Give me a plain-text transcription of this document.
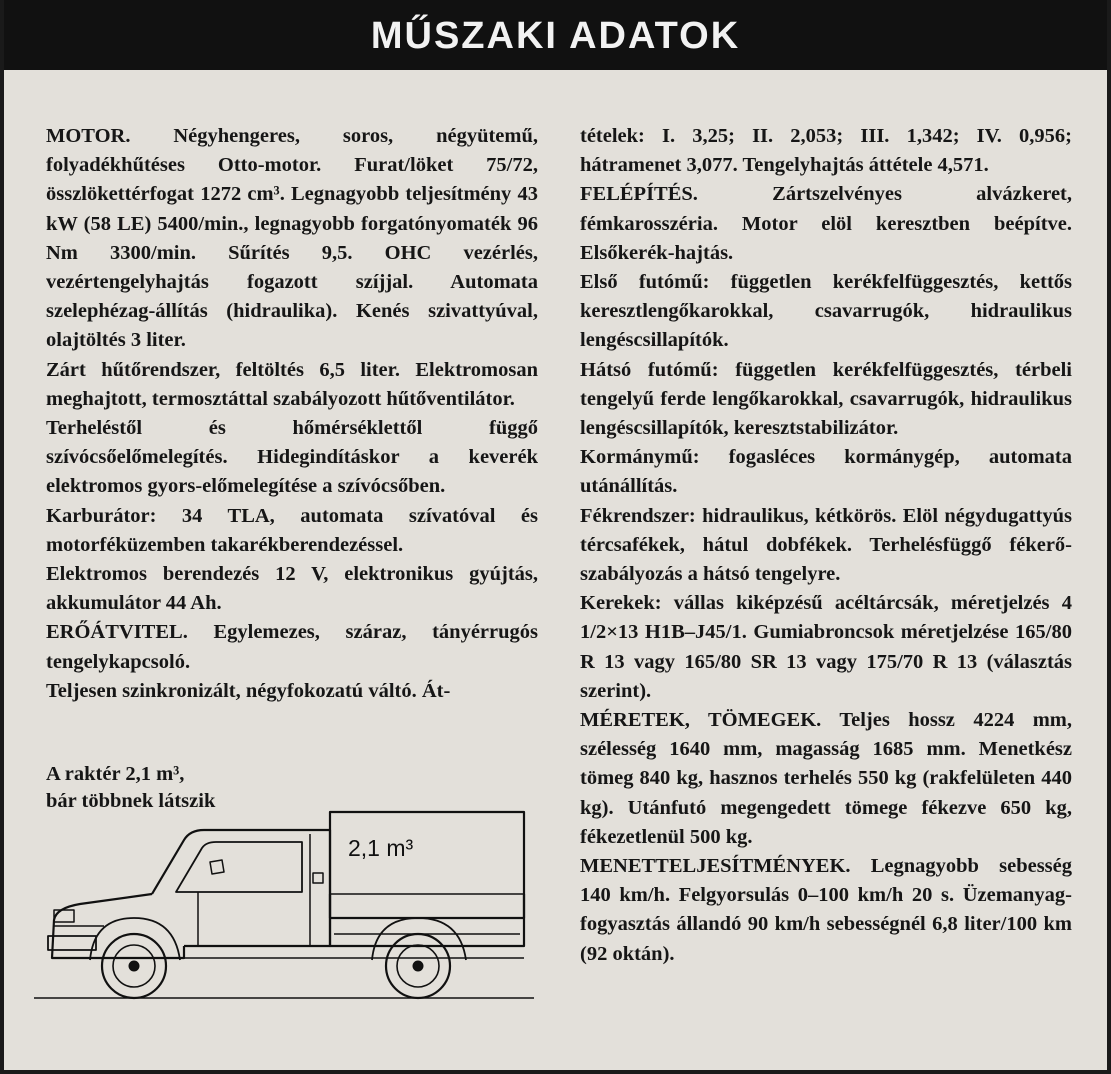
MŰSZAKI ADATOK

MOTOR. Négyhengeres, soros, négyütemű, folyadékhűtéses Otto-motor. Furat/löket 75/72, összlökettérfogat 1272 cm³. Legnagyobb teljesítmény 43 kW (58 LE) 5400/min., legnagyobb forgatónyomaték 96 Nm 3300/min. Sűrítés 9,5. OHC vezérlés, vezértengelyhajtás fogazott szíjjal. Automata szelephézag-állítás (hidraulika). Kenés szivattyúval, olajtöltés 3 liter.

Zárt hűtőrendszer, feltöltés 6,5 liter. Elektromosan meghajtott, termosztáttal szabályozott hűtőventilátor.

Terheléstől és hőmérséklettől függő szívócsőelőmelegítés. Hidegindításkor a keverék elektromos gyors-előmelegítése a szívócsőben.

Karburátor: 34 TLA, automata szívatóval és motorféküzemben takarékberendezéssel.

Elektromos berendezés 12 V, elektronikus gyújtás, akkumulátor 44 Ah.

ERŐÁTVITEL. Egylemezes, száraz, tányérrugós tengelykapcsoló.

Teljesen szinkronizált, négyfokozatú váltó. Át-

tételek: I. 3,25; II. 2,053; III. 1,342; IV. 0,956; hátramenet 3,077. Tengelyhajtás áttétele 4,571.

FELÉPÍTÉS. Zártszelvényes alvázkeret, fémkarosszéria. Motor elöl keresztben beépítve. Elsőkerék-hajtás.

Első futómű: független kerékfelfüggesztés, kettős keresztlengőkarokkal, csavarrugók, hidraulikus lengéscsillapítók.

Hátsó futómű: független kerékfelfüggesztés, térbeli tengelyű ferde lengőkarokkal, csavarrugók, hidraulikus lengéscsillapítók, keresztstabilizátor.

Kormánymű: fogasléces kormánygép, automata utánállítás.

Fékrendszer: hidraulikus, kétkörös. Elöl négydugattyús tércsafékek, hátul dobfékek. Terhelésfüggő fékerő-szabályozás a hátsó tengelyre.

Kerekek: vállas kiképzésű acéltárcsák, méretjelzés 4 1/2×13 H1B–J45/1. Gumiabroncsok méretjelzése 165/80 R 13 vagy 165/80 SR 13 vagy 175/70 R 13 (választás szerint).

MÉRETEK, TÖMEGEK. Teljes hossz 4224 mm, szélesség 1640 mm, magasság 1685 mm. Menetkész tömeg 840 kg, hasznos terhelés 550 kg (rakfelületen 440 kg). Utánfutó megengedett tömege fékezve 650 kg, fékezetlenül 500 kg.

MENETTELJESÍTMÉNYEK. Legnagyobb sebesség 140 km/h. Felgyorsulás 0–100 km/h 20 s. Üzemanyag-fogyasztás állandó 90 km/h sebességnél 6,8 liter/100 km (92 oktán).

A raktér 2,1 m³,
bár többnek látszik
2,1 m³
